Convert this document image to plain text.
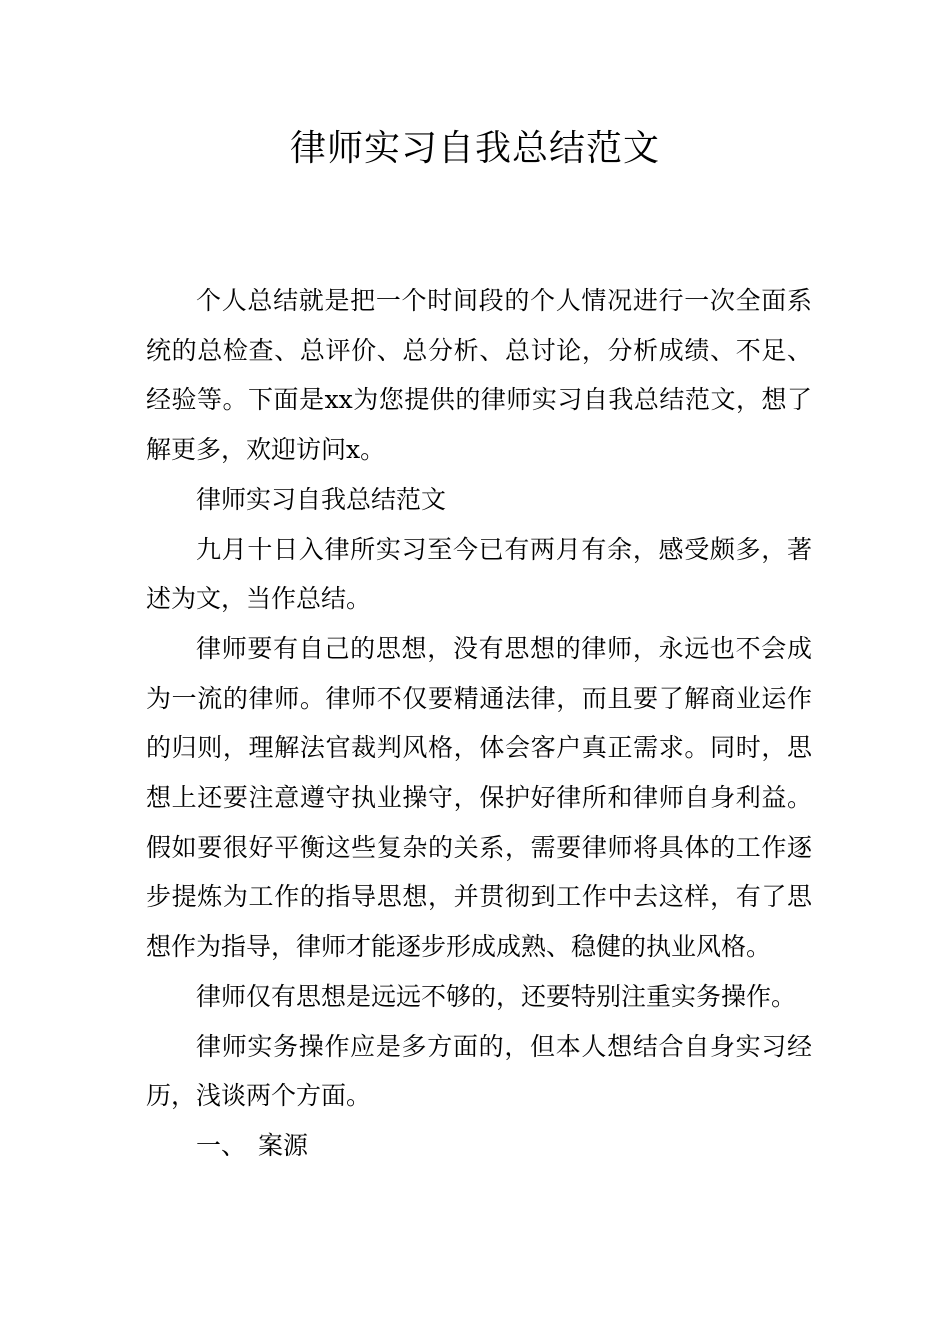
律师实习自我总结范文

个人总结就是把一个时间段的个人情况进行一次全面系统的总检查、总评价、总分析、总讨论，分析成绩、不足、经验等。下面是xx为您提供的律师实习自我总结范文，想了解更多，欢迎访问x。

律师实习自我总结范文

九月十日入律所实习至今已有两月有余，感受颇多，著述为文，当作总结。

律师要有自己的思想，没有思想的律师，永远也不会成为一流的律师。律师不仅要精通法律，而且要了解商业运作的归则，理解法官裁判风格，体会客户真正需求。同时，思想上还要注意遵守执业操守，保护好律所和律师自身利益。假如要很好平衡这些复杂的关系，需要律师将具体的工作逐步提炼为工作的指导思想，并贯彻到工作中去这样，有了思想作为指导，律师才能逐步形成成熟、稳健的执业风格。

律师仅有思想是远远不够的，还要特别注重实务操作。

律师实务操作应是多方面的，但本人想结合自身实习经历，浅谈两个方面。

一、 案源
